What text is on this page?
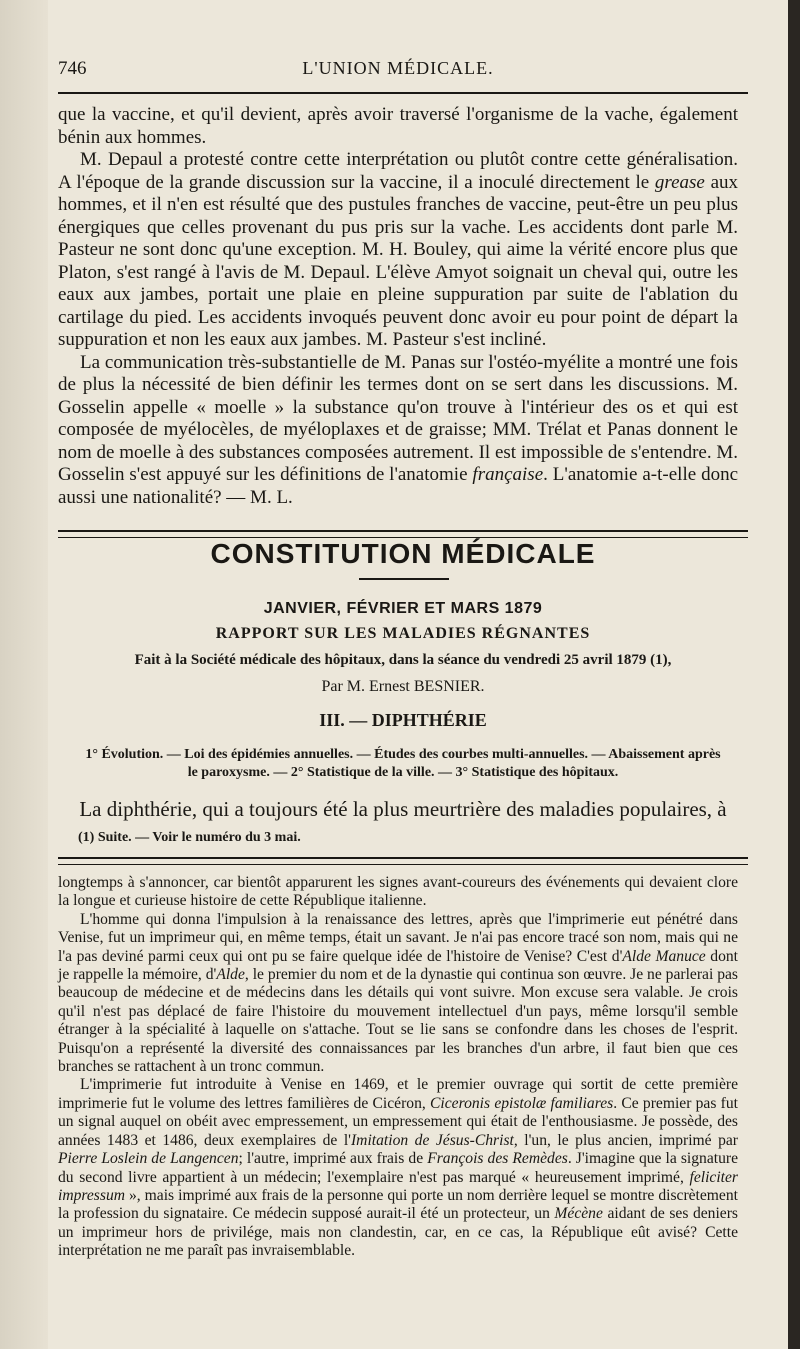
746	L'UNION MÉDICALE.

que la vaccine, et qu'il devient, après avoir traversé l'organisme de la vache, également bénin aux hommes.

M. Depaul a protesté contre cette interprétation ou plutôt contre cette généralisation. A l'époque de la grande discussion sur la vaccine, il a inoculé directement le grease aux hommes, et il n'en est résulté que des pustules franches de vaccine, peut-être un peu plus énergiques que celles provenant du pus pris sur la vache. Les accidents dont parle M. Pasteur ne sont donc qu'une exception. M. H. Bouley, qui aime la vérité encore plus que Platon, s'est rangé à l'avis de M. Depaul. L'élève Amyot soignait un cheval qui, outre les eaux aux jambes, portait une plaie en pleine suppuration par suite de l'ablation du cartilage du pied. Les accidents invoqués peuvent donc avoir eu pour point de départ la suppuration et non les eaux aux jambes. M. Pasteur s'est incliné.

La communication très-substantielle de M. Panas sur l'ostéo-myélite a montré une fois de plus la nécessité de bien définir les termes dont on se sert dans les discussions. M. Gosselin appelle « moelle » la substance qu'on trouve à l'intérieur des os et qui est composée de myélocèles, de myéloplaxes et de graisse; MM. Trélat et Panas donnent le nom de moelle à des substances composées autrement. Il est impossible de s'entendre. M. Gosselin s'est appuyé sur les définitions de l'anatomie française. L'anatomie a-t-elle donc aussi une nationalité? — M. L.

CONSTITUTION MÉDICALE
JANVIER, FÉVRIER ET MARS 1879
RAPPORT SUR LES MALADIES RÉGNANTES
Fait à la Société médicale des hôpitaux, dans la séance du vendredi 25 avril 1879 (1),
Par M. Ernest BESNIER.
III. — DIPHTHÉRIE
1° Évolution. — Loi des épidémies annuelles. — Études des courbes multi-annuelles. — Abaissement après
le paroxysme. — 2° Statistique de la ville. — 3° Statistique des hôpitaux.
La diphthérie, qui a toujours été la plus meurtrière des maladies populaires, à
(1) Suite. — Voir le numéro du 3 mai.

longtemps à s'annoncer, car bientôt apparurent les signes avant-coureurs des événements qui devaient clore la longue et curieuse histoire de cette République italienne.

L'homme qui donna l'impulsion à la renaissance des lettres, après que l'imprimerie eut pénétré dans Venise, fut un imprimeur qui, en même temps, était un savant. Je n'ai pas encore tracé son nom, mais qui ne l'a pas deviné parmi ceux qui ont pu se faire quelque idée de l'histoire de Venise? C'est d'Alde Manuce dont je rappelle la mémoire, d'Alde, le premier du nom et de la dynastie qui continua son œuvre. Je ne parlerai pas beaucoup de médecine et de médecins dans les détails qui vont suivre. Mon excuse sera valable. Je crois qu'il n'est pas déplacé de faire l'histoire du mouvement intellectuel d'un pays, même lorsqu'il semble étranger à la spécialité à laquelle on s'attache. Tout se lie sans se confondre dans les choses de l'esprit. Puisqu'on a représenté la diversité des connaissances par les branches d'un arbre, il faut bien que ces branches se rattachent à un tronc commun.

L'imprimerie fut introduite à Venise en 1469, et le premier ouvrage qui sortit de cette première imprimerie fut le volume des lettres familières de Cicéron, Ciceronis epistolæ familiares. Ce premier pas fut un signal auquel on obéit avec empressement, un empressement qui était de l'enthousiasme. Je possède, des années 1483 et 1486, deux exemplaires de l'Imitation de Jésus-Christ, l'un, le plus ancien, imprimé par Pierre Loslein de Langencen; l'autre, imprimé aux frais de François des Remèdes. J'imagine que la signature du second livre appartient à un médecin; l'exemplaire n'est pas marqué « heureusement imprimé, feliciter impressum », mais imprimé aux frais de la personne qui porte un nom derrière lequel se montre discrètement la profession du signataire. Ce médecin supposé aurait-il été un protecteur, un Mécène aidant de ses deniers un imprimeur hors de privilége, mais non clandestin, car, en ce cas, la République eût avisé? Cette interprétation ne me paraît pas invraisemblable.
